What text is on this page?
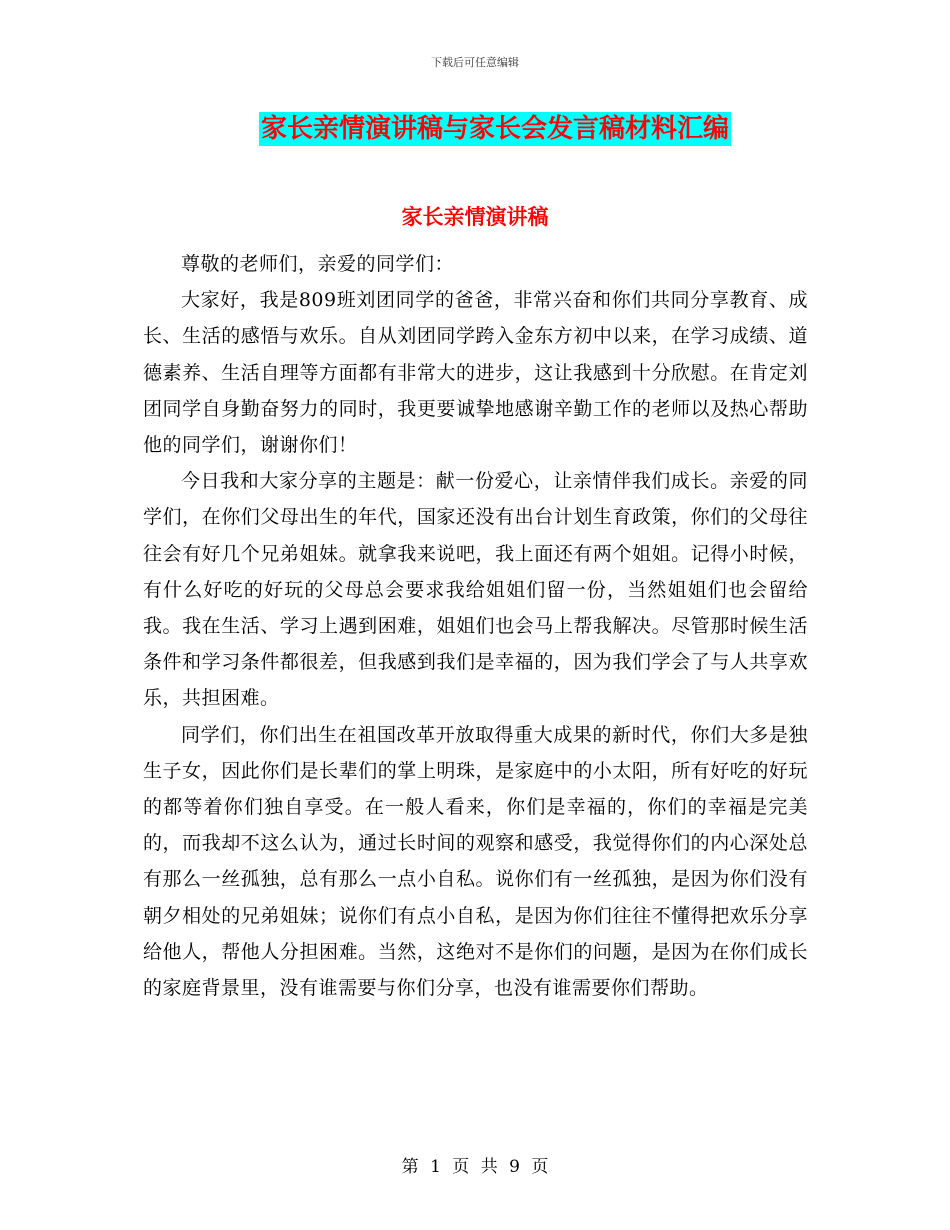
下载后可任意编辑
家长亲情演讲稿与家长会发言稿材料汇编
家长亲情演讲稿

尊敬的老师们，亲爱的同学们：

大家好，我是809班刘团同学的爸爸，非常兴奋和你们共同分享教育、成长、生活的感悟与欢乐。自从刘团同学跨入金东方初中以来，在学习成绩、道德素养、生活自理等方面都有非常大的进步，这让我感到十分欣慰。在肯定刘团同学自身勤奋努力的同时，我更要诚挚地感谢辛勤工作的老师以及热心帮助他的同学们，谢谢你们！

今日我和大家分享的主题是：献一份爱心，让亲情伴我们成长。亲爱的同学们，在你们父母出生的年代，国家还没有出台计划生育政策，你们的父母往往会有好几个兄弟姐妹。就拿我来说吧，我上面还有两个姐姐。记得小时候，有什么好吃的好玩的父母总会要求我给姐姐们留一份，当然姐姐们也会留给我。我在生活、学习上遇到困难，姐姐们也会马上帮我解决。尽管那时候生活条件和学习条件都很差，但我感到我们是幸福的，因为我们学会了与人共享欢乐，共担困难。

同学们，你们出生在祖国改革开放取得重大成果的新时代，你们大多是独生子女，因此你们是长辈们的掌上明珠，是家庭中的小太阳，所有好吃的好玩的都等着你们独自享受。在一般人看来，你们是幸福的，你们的幸福是完美的，而我却不这么认为，通过长时间的观察和感受，我觉得你们的内心深处总有那么一丝孤独，总有那么一点小自私。说你们有一丝孤独，是因为你们没有朝夕相处的兄弟姐妹；说你们有点小自私，是因为你们往往不懂得把欢乐分享给他人，帮他人分担困难。当然，这绝对不是你们的问题，是因为在你们成长的家庭背景里，没有谁需要与你们分享，也没有谁需要你们帮助。

第 1 页 共 9 页
